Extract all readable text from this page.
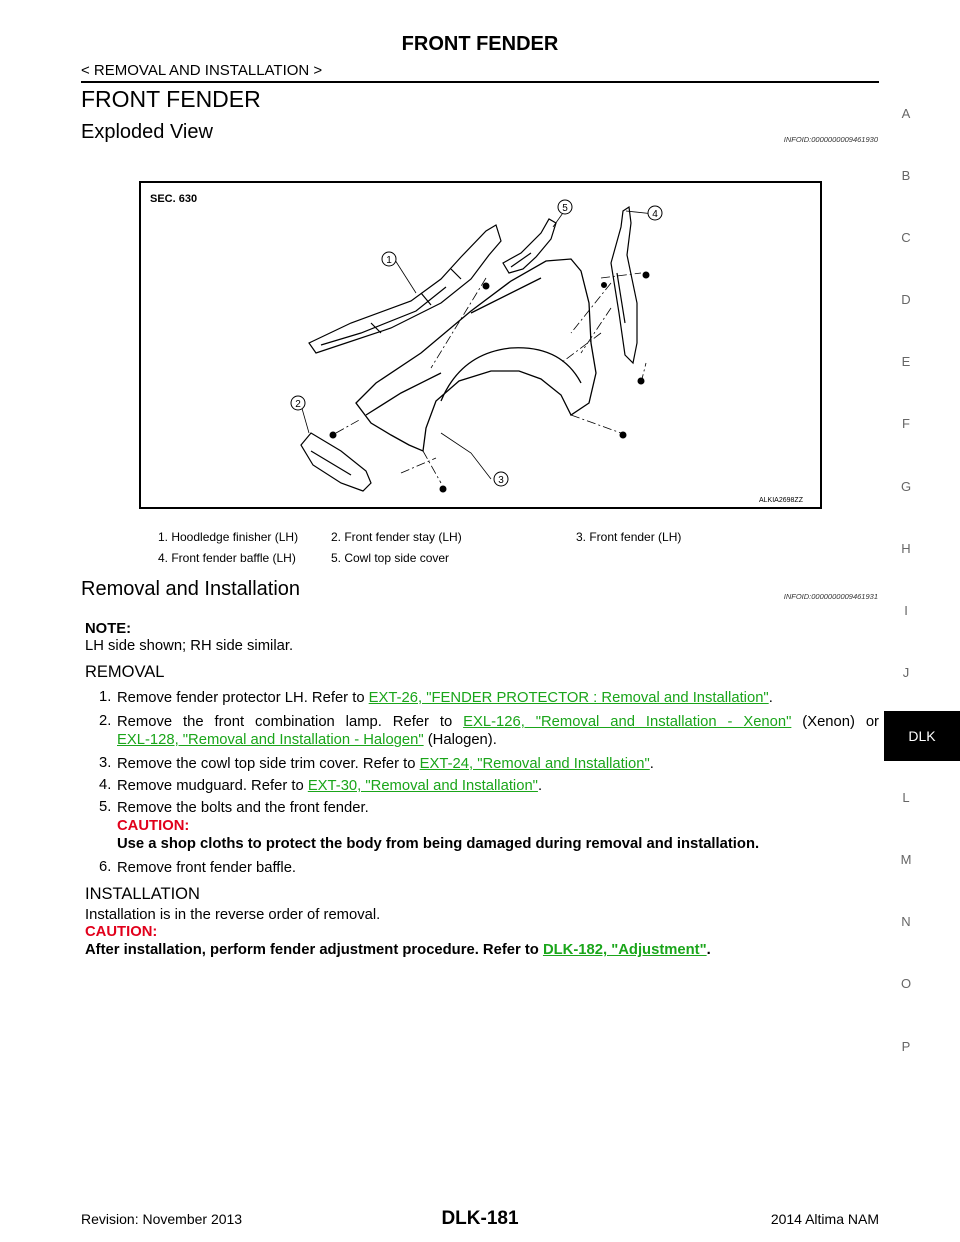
FRONT FENDER
< REMOVAL AND INSTALLATION >
FRONT FENDER
Exploded View	INFOID:0000000009461930
SEC. 630
ALKIA2698ZZ
1
2
3
4
5
1. Hoodledge finisher (LH)	2. Front fender stay (LH)	3. Front fender (LH)
4. Front fender baffle (LH)	5. Cowl top side cover
Removal and Installation	INFOID:0000000009461931
NOTE:
LH side shown; RH side similar.
REMOVAL
1. Remove fender protector LH. Refer to EXT-26, "FENDER PROTECTOR : Removal and Installation".
2. Remove the front combination lamp. Refer to EXL-126, "Removal and Installation - Xenon" (Xenon) or
EXL-128, "Removal and Installation - Halogen" (Halogen).
3. Remove the cowl top side trim cover. Refer to EXT-24, "Removal and Installation".
4. Remove mudguard. Refer to EXT-30, "Removal and Installation".
5. Remove the bolts and the front fender.
CAUTION:
Use a shop cloths to protect the body from being damaged during removal and installation.
6. Remove front fender baffle.
INSTALLATION
Installation is in the reverse order of removal.
CAUTION:
After installation, perform fender adjustment procedure. Refer to DLK-182, "Adjustment".
A
B
C
D
E
F
G
H
I
J
DLK
L
M
N
O
P
Revision: November 2013	DLK-181	2014 Altima NAM
